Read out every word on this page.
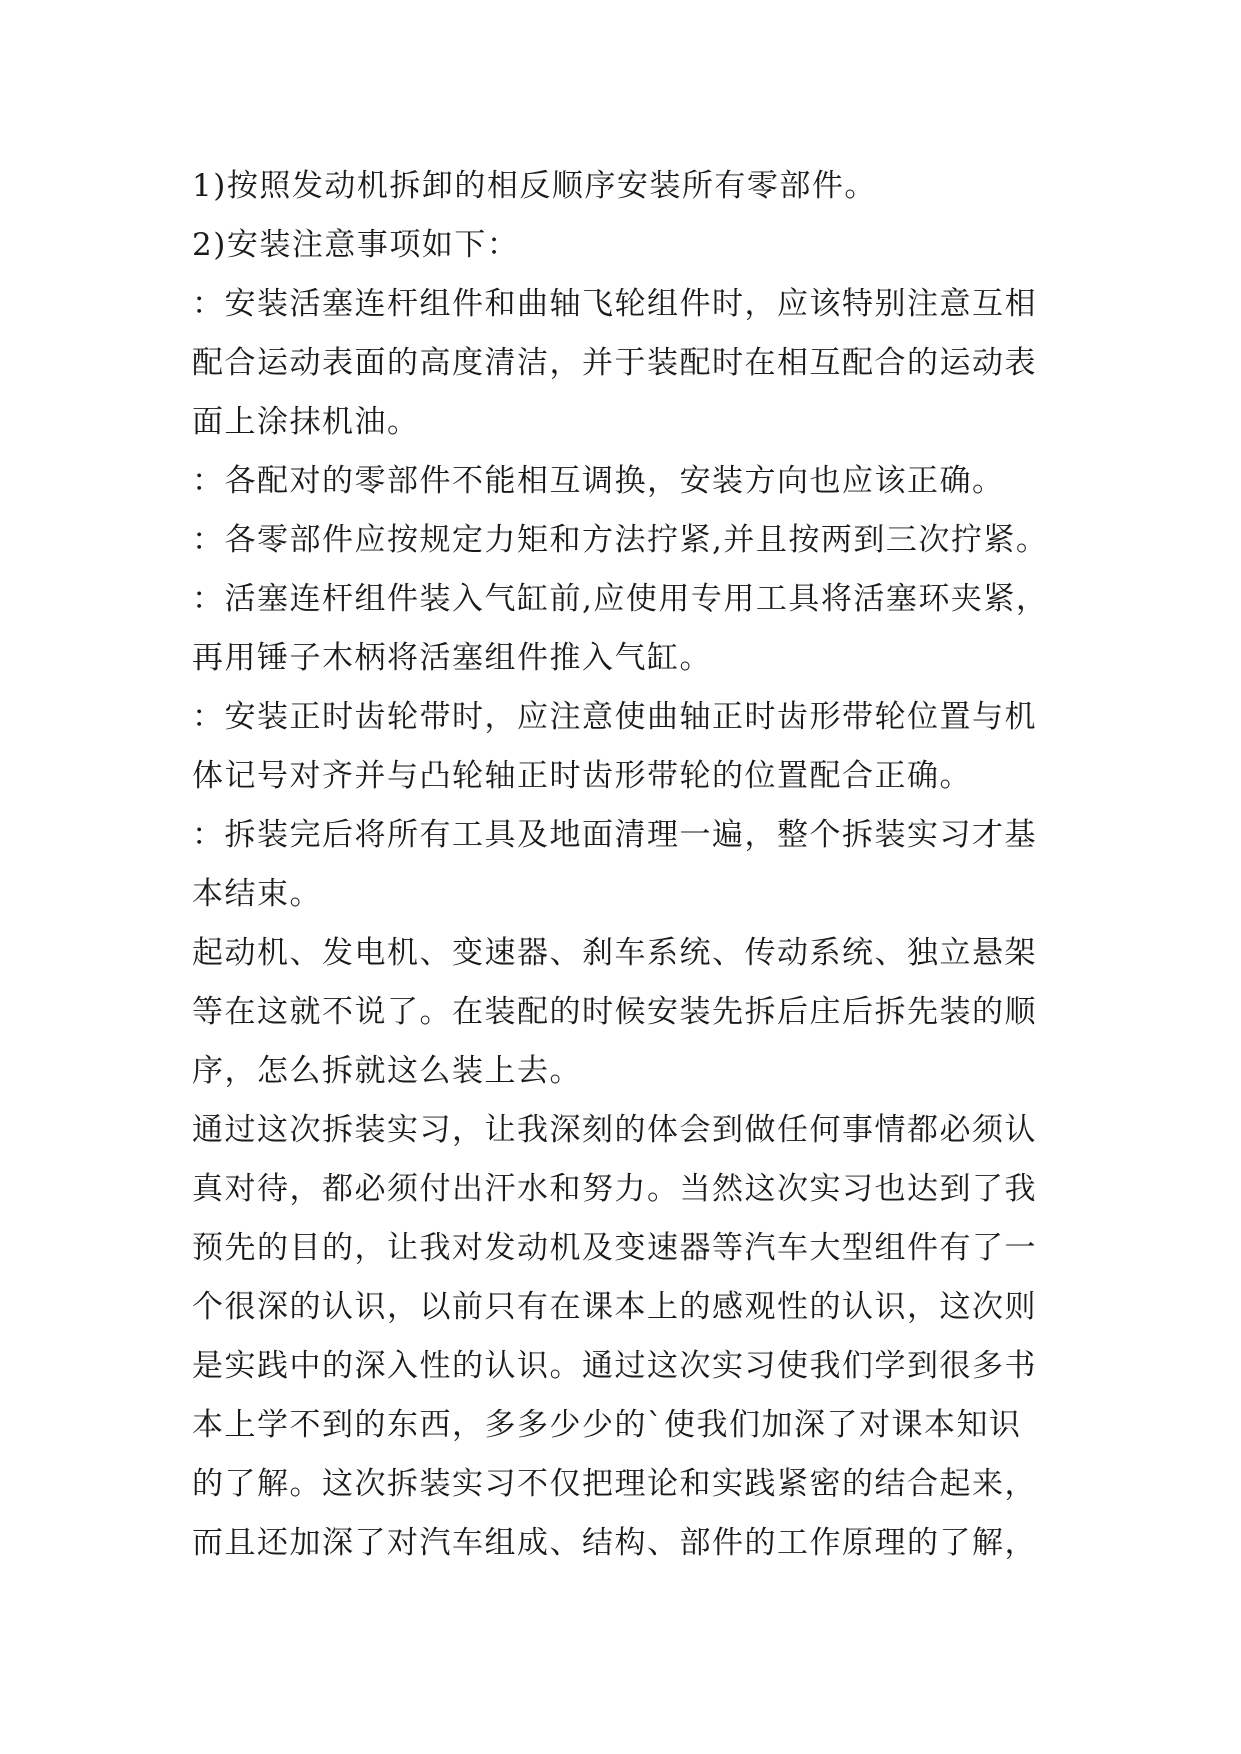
1)按照发动机拆卸的相反顺序安装所有零部件。

2)安装注意事项如下：

：安装活塞连杆组件和曲轴飞轮组件时，应该特别注意互相

配合运动表面的高度清洁，并于装配时在相互配合的运动表

面上涂抹机油。

：各配对的零部件不能相互调换，安装方向也应该正确。

：各零部件应按规定力矩和方法拧紧,并且按两到三次拧紧。

：活塞连杆组件装入气缸前,应使用专用工具将活塞环夹紧，

再用锤子木柄将活塞组件推入气缸。

：安装正时齿轮带时，应注意使曲轴正时齿形带轮位置与机

体记号对齐并与凸轮轴正时齿形带轮的位置配合正确。

：拆装完后将所有工具及地面清理一遍，整个拆装实习才基

本结束。

起动机、发电机、变速器、刹车系统、传动系统、独立悬架

等在这就不说了。在装配的时候安装先拆后庄后拆先装的顺

序，怎么拆就这么装上去。

通过这次拆装实习，让我深刻的体会到做任何事情都必须认

真对待，都必须付出汗水和努力。当然这次实习也达到了我

预先的目的，让我对发动机及变速器等汽车大型组件有了一

个很深的认识，以前只有在课本上的感观性的认识，这次则

是实践中的深入性的认识。通过这次实习使我们学到很多书

本上学不到的东西，多多少少的`使我们加深了对课本知识

的了解。这次拆装实习不仅把理论和实践紧密的结合起来，

而且还加深了对汽车组成、结构、部件的工作原理的了解，
